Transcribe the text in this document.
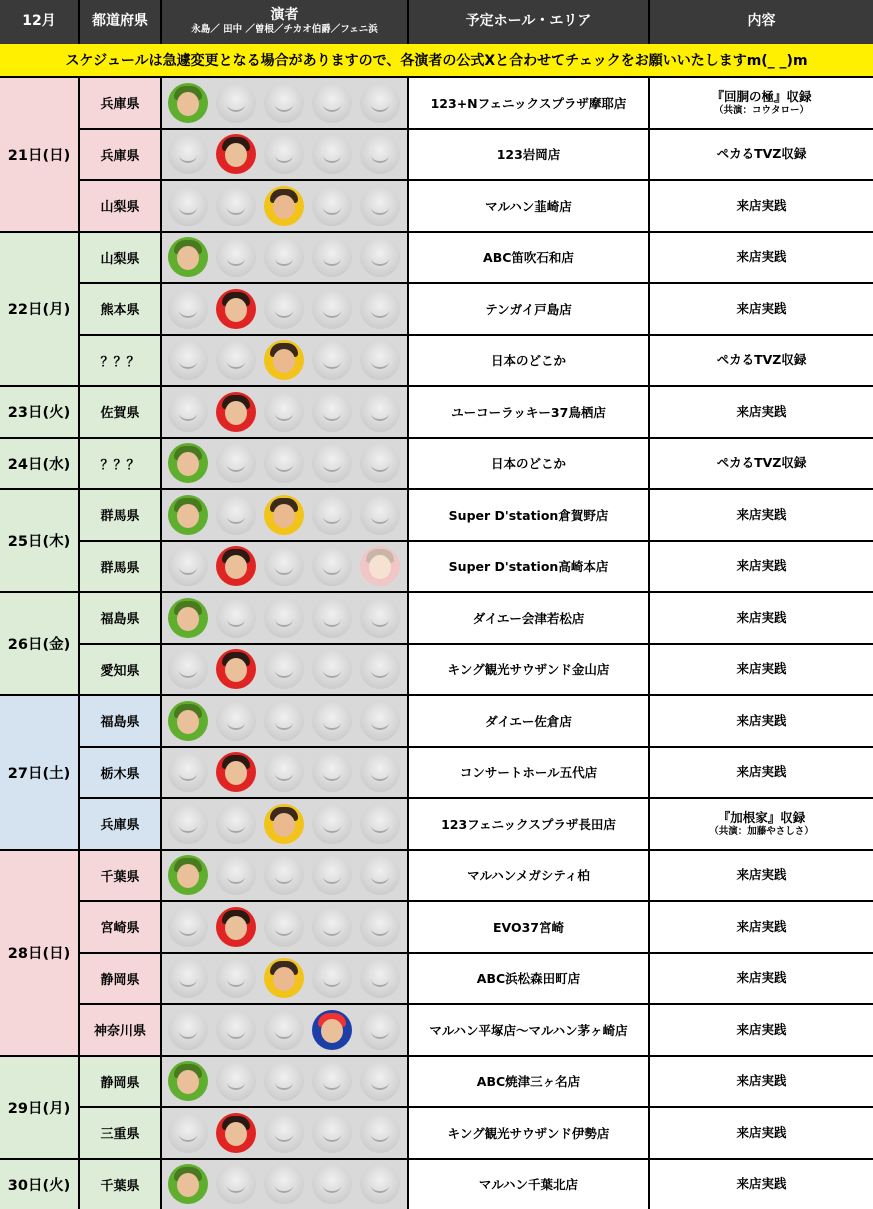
12月	都道府県	演者
永島／ 田中 ／曽根／チカオ伯爵／フェニ浜
予定ホール・エリア	内容
スケジュールは急遽変更となる場合がありますので、各演者の公式Xと合わせてチェックをお願いいたしますm(_ _)m
21日(日)
兵庫県	123+Nフェニックスプラザ摩耶店	『回胴の極』収録
（共演：コウタロー）
兵庫県	123岩岡店	ペカるTVZ収録
山梨県	マルハン韮崎店	来店実践
22日(月)
山梨県	ABC笛吹石和店	来店実践
熊本県	テンガイ戸島店	来店実践
？？？	日本のどこか	ペカるTVZ収録
23日(火)	佐賀県	ユーコーラッキー37鳥栖店	来店実践
24日(水)	？？？	日本のどこか	ペカるTVZ収録
25日(木)
群馬県	Super D'station倉賀野店	来店実践
群馬県	Super D'station高崎本店	来店実践
26日(金)
福島県	ダイエー会津若松店	来店実践
愛知県	キング観光サウザンド金山店	来店実践
27日(土)
福島県	ダイエー佐倉店	来店実践
栃木県	コンサートホール五代店	来店実践
兵庫県	123フェニックスプラザ長田店	『加根家』収録
（共演：加藤やさしさ）
28日(日)
千葉県	マルハンメガシティ柏	来店実践
宮崎県	EVO37宮崎	来店実践
静岡県	ABC浜松森田町店	来店実践
神奈川県	マルハン平塚店〜マルハン茅ヶ崎店	来店実践
29日(月)
静岡県	ABC焼津三ヶ名店	来店実践
三重県	キング観光サウザンド伊勢店	来店実践
30日(火)	千葉県	マルハン千葉北店	来店実践
